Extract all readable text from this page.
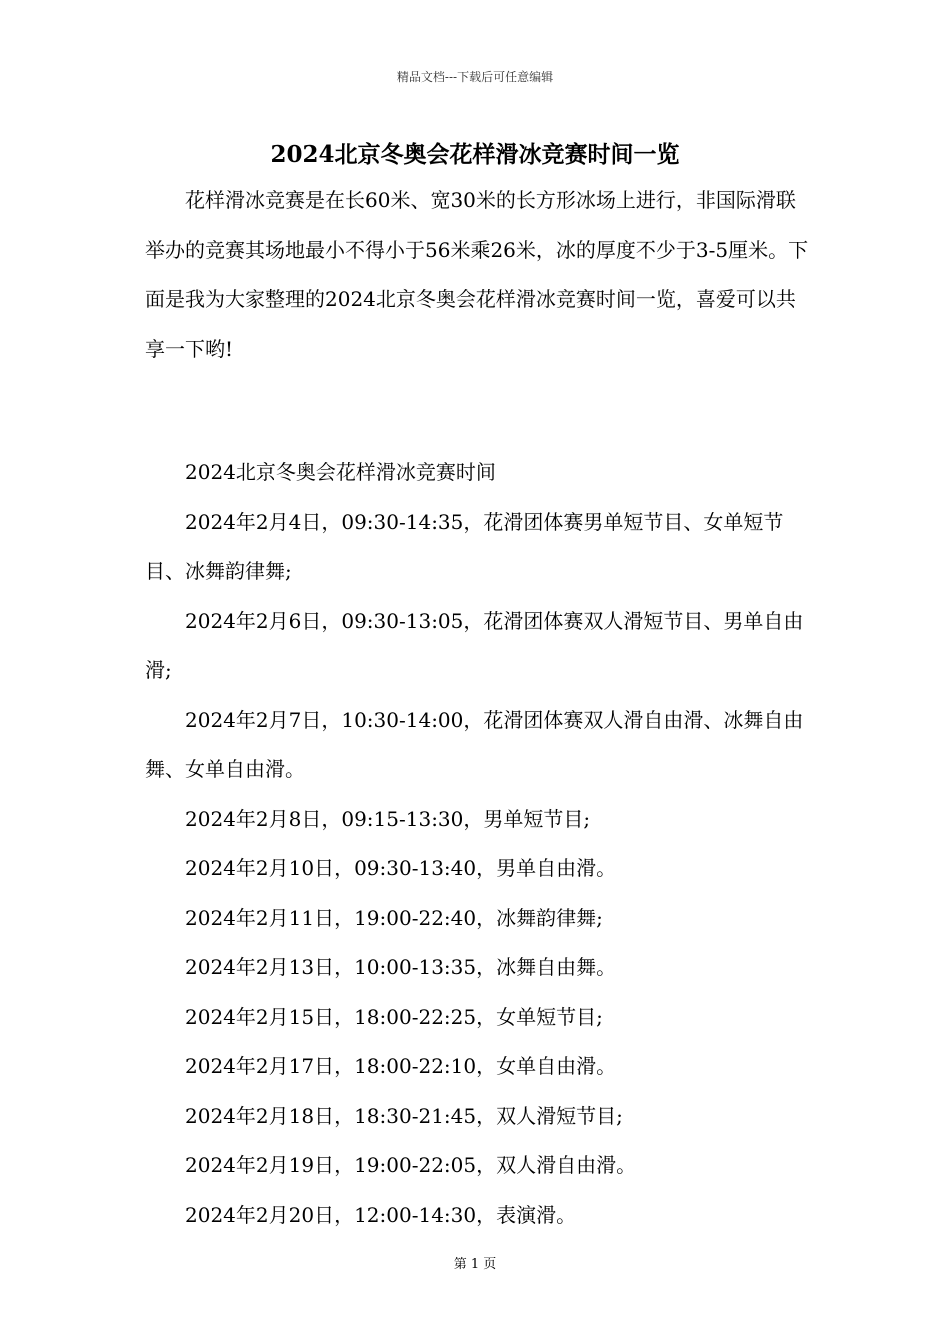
精品文档---下载后可任意编辑
2024北京冬奥会花样滑冰竞赛时间一览

花样滑冰竞赛是在长60米、宽30米的长方形冰场上进行，非国际滑联举办的竞赛其场地最小不得小于56米乘26米，冰的厚度不少于3-5厘米。下面是我为大家整理的2024北京冬奥会花样滑冰竞赛时间一览，喜爱可以共享一下哟!

2024北京冬奥会花样滑冰竞赛时间

2024年2月4日，09:30-14:35，花滑团体赛男单短节目、女单短节目、冰舞韵律舞;

2024年2月6日，09:30-13:05，花滑团体赛双人滑短节目、男单自由滑;

2024年2月7日，10:30-14:00，花滑团体赛双人滑自由滑、冰舞自由舞、女单自由滑。

2024年2月8日，09:15-13:30，男单短节目;

2024年2月10日，09:30-13:40，男单自由滑。

2024年2月11日，19:00-22:40，冰舞韵律舞;

2024年2月13日，10:00-13:35，冰舞自由舞。

2024年2月15日，18:00-22:25，女单短节目;

2024年2月17日，18:00-22:10，女单自由滑。

2024年2月18日，18:30-21:45，双人滑短节目;

2024年2月19日，19:00-22:05，双人滑自由滑。

2024年2月20日，12:00-14:30，表演滑。

第 1 页
